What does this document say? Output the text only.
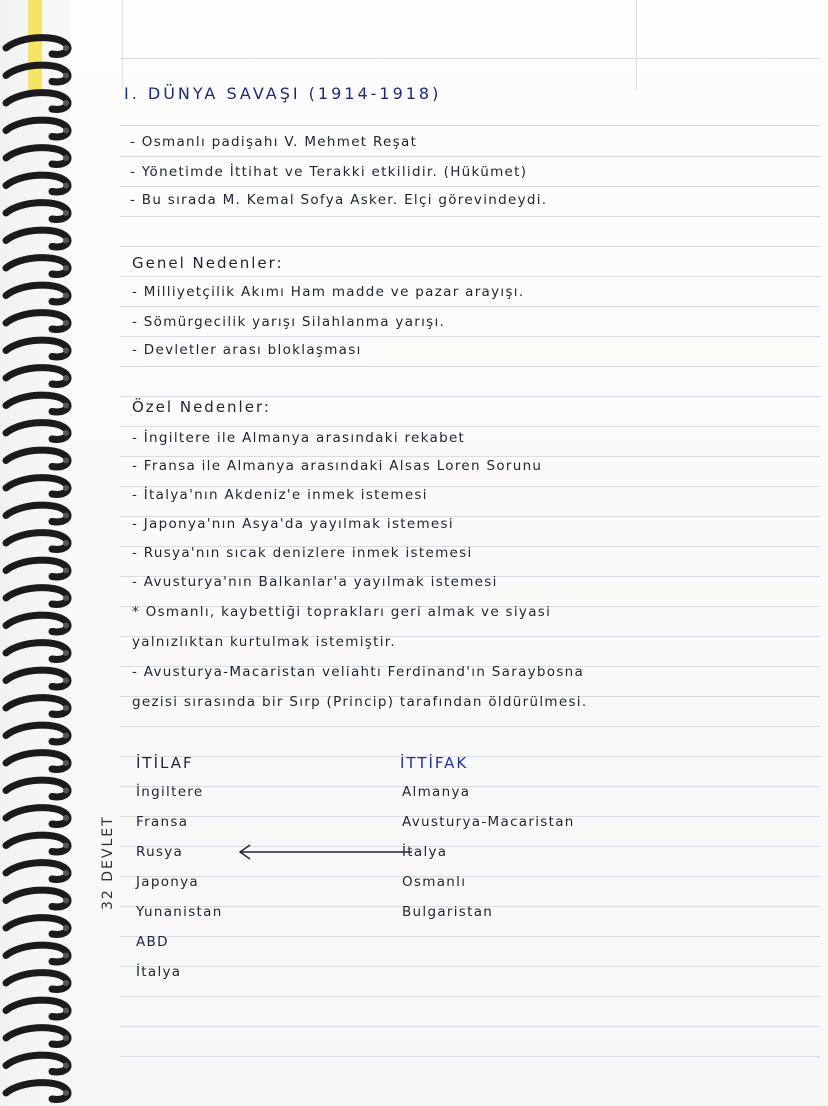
I. DÜNYA SAVAŞI (1914-1918)
- Osmanlı padişahı V. Mehmet Reşat
- Yönetimde İttihat ve Terakki etkilidir. (Hükümet)
- Bu sırada M. Kemal Sofya Asker. Elçi görevindeydi.
Genel Nedenler:
- Milliyetçilik Akımı Ham madde ve pazar arayışı.
- Sömürgecilik yarışı Silahlanma yarışı.
- Devletler arası bloklaşması
Özel Nedenler:
- İngiltere ile Almanya arasındaki rekabet
- Fransa ile Almanya arasındaki Alsas Loren Sorunu
- İtalya'nın Akdeniz'e inmek istemesi
- Japonya'nın Asya'da yayılmak istemesi
- Rusya'nın sıcak denizlere inmek istemesi
- Avusturya'nın Balkanlar'a yayılmak istemesi
* Osmanlı, kaybettiği toprakları geri almak ve siyasi
yalnızlıktan kurtulmak istemiştir.
- Avusturya-Macaristan veliahtı Ferdinand'ın Saraybosna
gezisi sırasında bir Sırp (Princip) tarafından öldürülmesi.
İTİLAF
İngiltere
Fransa
Rusya
Japonya
Yunanistan
ABD
İtalya
İTTİFAK
Almanya
Avusturya-Macaristan
İtalya
Osmanlı
Bulgaristan
32 DEVLET
